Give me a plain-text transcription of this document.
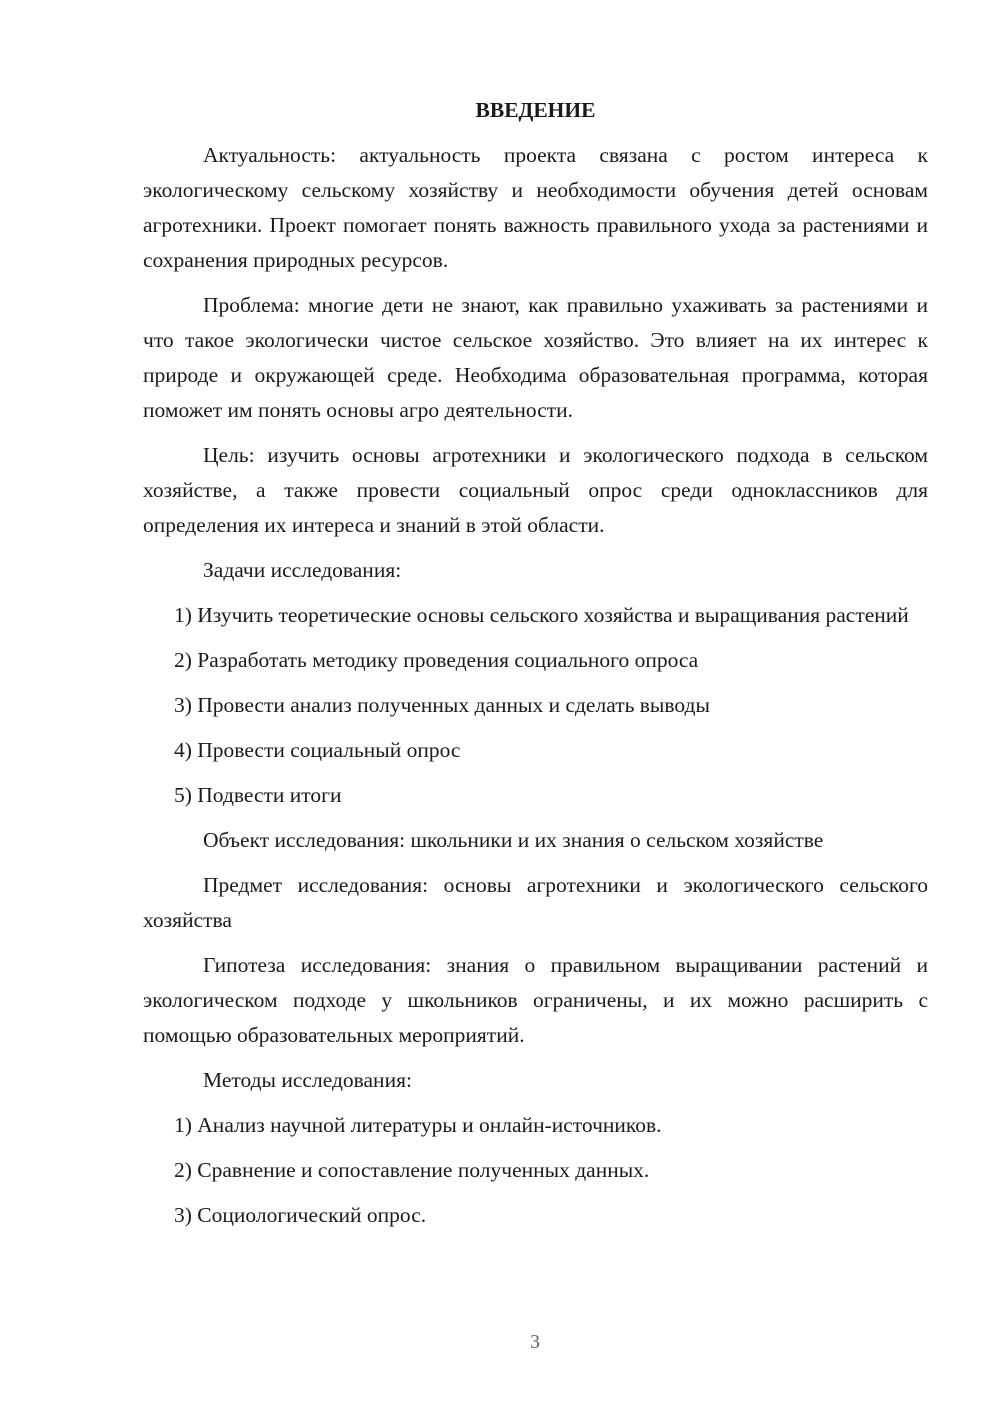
ВВЕДЕНИЕ

Актуальность: актуальность проекта связана с ростом интереса к экологическому сельскому хозяйству и необходимости обучения детей основам агротехники. Проект помогает понять важность правильного ухода за растениями и сохранения природных ресурсов.

Проблема: многие дети не знают, как правильно ухаживать за растениями и что такое экологически чистое сельское хозяйство. Это влияет на их интерес к природе и окружающей среде. Необходима образовательная программа, которая поможет им понять основы агро деятельности.

Цель: изучить основы агротехники и экологического подхода в сельском хозяйстве, а также провести социальный опрос среди одноклассников для определения их интереса и знаний в этой области.

Задачи исследования:

1) Изучить теоретические основы сельского хозяйства и выращивания растений

2) Разработать методику проведения социального опроса

3) Провести анализ полученных данных и сделать выводы

4) Провести социальный опрос

5) Подвести итоги

Объект исследования: школьники и их знания о сельском хозяйстве

Предмет исследования: основы агротехники и экологического сельского хозяйства

Гипотеза исследования: знания о правильном выращивании растений и экологическом подходе у школьников ограничены, и их можно расширить с помощью образовательных мероприятий.

Методы исследования:

1) Анализ научной литературы и онлайн-источников.

2) Сравнение и сопоставление полученных данных.

3) Социологический опрос.

3
